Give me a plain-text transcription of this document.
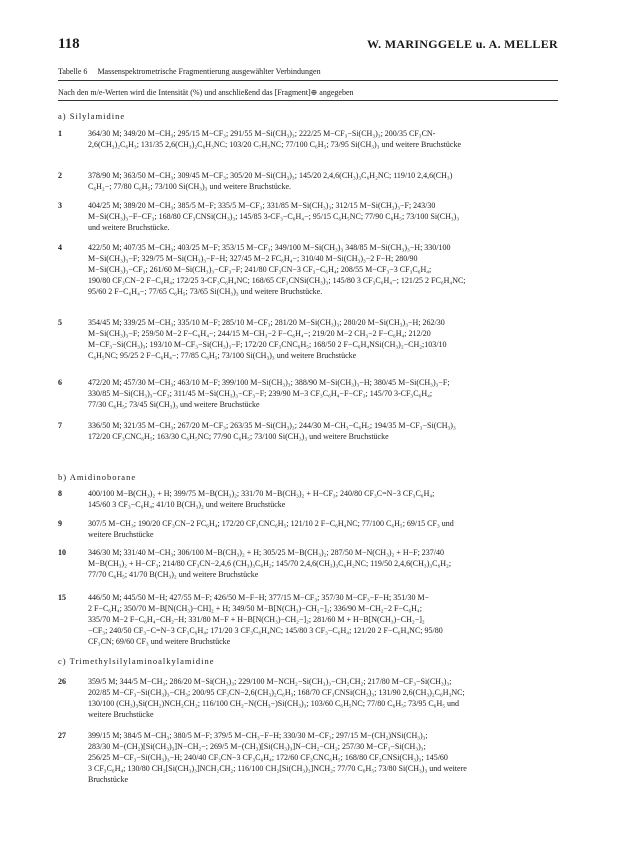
118	W. MARINGGELE u. A. MELLER
Tabelle 6 Massenspektrometrische Fragmentierung ausgewählter Verbindungen
Nach den m/e-Werten wird die Intensität (%) und anschließend das [Fragment]⊕ angegeben
a) Silylamidine
1	364/30 M; 349/20 M−CH₃; 295/15 M−CF₃; 291/55 M−Si(CH₃)₃; 222/25 M−CF₃−Si(CH₃)₃; 200/35 CF₃CN-
2,6(CH₃)₂C₆H₃; 131/35 2,6(CH₃)₂C₆H₃NC; 103/20 C₇H₅NC; 77/100 C₆H₅; 73/95 Si(CH₃)₃ und weitere Bruchstücke
2	378/90 M; 363/50 M−CH₃; 309/45 M−CF₃; 305/20 M−Si(CH₃)₃; 145/20 2,4,6(CH₃)₃C₆H₂NC; 119/10 2,4,6(CH₃)
C₆H₂−; 77/80 C₆H₅; 73/100 Si(CH₃)₃ und weitere Bruchstücke.
3	404/25 M; 389/20 M−CH₃; 385/5 M−F; 335/5 M−CF₃; 331/85 M−Si(CH₃)₃; 312/15 M−Si(CH₃)₃−F; 243/30
M−Si(CH₃)₃−F−CF₃; 168/80 CF₃CNSi(CH₃)₃; 145/85 3-CF₃−C₆H₄−; 95/15 C₆H₅NC; 77/90 C₆H₅; 73/100 Si(CH₃)₃
und weitere Bruchstücke.
4	422/50 M; 407/35 M−CH₃; 403/25 M−F; 353/15 M−CF₃; 349/100 M−Si(CH₃)₃ 348/85 M−Si(CH₃)₃−H; 330/100
M−Si(CH₃)₃−F; 329/75 M−Si(CH₃)₃−F−H; 327/45 M−2 FC₆H₄−; 310/40 M−Si(CH₃)₃−2 F−H; 280/90
M−Si(CH₃)₃−CF₃; 261/60 M−Si(CH₃)₃−CF₃−F; 241/80 CF₃CN−3 CF₃−C₆H₄; 208/55 M−CF₃−3 CF₃C₆H₄;
190/80 CF₃CN−2 F−C₆H₄; 172/25 3-CF₃C₆H₄NC; 168/65 CF₃CNSi(CH₃)₃; 145/80 3 CF₃C₆H₄−; 121/25 2 FC₆H₄NC;
95/60 2 F−C₆H₄−; 77/65 C₆H₅; 73/65 Si(CH₃)₃ und weitere Bruchstücke.
5	354/45 M; 339/25 M−CH₃; 335/10 M−F; 285/10 M−CF₃; 281/20 M−Si(CH₃)₃; 280/20 M−Si(CH₃)₃−H; 262/30
M−Si(CH₃)₃−F; 259/50 M−2 F−C₆H₄−; 244/15 M−CH₃−2 F−C₆H₄−; 219/20 M−2 CH₃−2 F−C₆H₄; 212/20
M−CF₃−Si(CH₃)₃; 193/10 M−CF₃−Si(CH₃)₃−F; 172/20 CF₃CNC₆H₅; 168/50 2 F−C₆H₄NSi(CH₃)₂−CH₂;103/10
C₆H₅NC; 95/25 2 F−C₆H₄−; 77/85 C₆H₅; 73/100 Si(CH₃)₃ und weitere Bruchstücke
6	472/20 M; 457/30 M−CH₃; 463/10 M−F; 399/100 M−Si(CH₃)₃; 388/90 M−Si(CH₃)₃−H; 380/45 M−Si(CH₃)₃−F;
330/85 M−Si(CH₃)₃−CF₃; 311/45 M−Si(CH₃)₃−CF₃−F; 239/90 M−3 CF₃C₆H₄−F−CF₃; 145/70 3-CF₃C₆H₄;
77/30 C₆H₅; 73/45 Si(CH₃)₃ und weitere Bruchstücke
7	336/50 M; 321/35 M−CH₃; 267/20 M−CF₃; 263/35 M−Si(CH₃)₃; 244/30 M−CH₃−C₆H₅; 194/35 M−CF₃−Si(CH₃)₃
172/20 CF₃CNC₆H₅; 163/30 C₆H₅NC; 77/90 C₆H₅; 73/100 Si(CH₃)₃ und weitere Bruchstücke
b) Amidinoborane
8	400/100 M−B(CH₃)₂ + H; 399/75 M−B(CH₃)₂; 331/70 M−B(CH₃)₂ + H−CF₃; 240/80 CF₃C=N−3 CF₃C₆H₄;
145/60 3 CF₃−C₆H₄; 41/10 B(CH₃)₂ und weitere Bruchstücke
9	307/5 M−CH₃; 190/20 CF₃CN−2 FC₆H₄; 172/20 CF₃CNC₆H₅; 121/10 2 F−C₆H₄NC; 77/100 C₆H₅; 69/15 CF₃ und
weitere Bruchstücke
10	346/30 M; 331/40 M−CH₃; 306/100 M−B(CH₃)₂ + H; 305/25 M−B(CH₃)₂; 287/50 M−N(CH₃)₂ + H−F; 237/40
M−B(CH₃)₂ + H−CF₃; 214/80 CF₃CN−2,4,6 (CH₃)₃C₆H₂; 145/70 2,4,6(CH₃)₃C₆H₂NC; 119/50 2,4,6(CH₃)₃C₆H₂;
77/70 C₆H₅; 41/70 B(CH₃)₂ und weitere Bruchstücke
15	446/50 M; 445/50 M−H; 427/55 M−F; 426/50 M−F−H; 377/15 M−CF₃; 357/30 M−CF₃−F−H; 351/30 M−
2 F−C₆H₄; 350/70 M−B[N(CH₃)−CH]₂ + H; 349/50 M−B[N(CH₃)−CH₂−]₂; 336/90 M−CH₂−2 F−C₆H₄;
335/70 M−2 F−C₆H₄−CH₂−H; 331/80 M−F + H−B[N(CH₃)−CH₂−]₂; 281/60 M + H−B[N(CH₃)−CH₂−]₂
−CF₃; 240/50 CF₃−C=N−3 CF₃C₆H₄; 171/20 3 CF₃C₆H₄NC; 145/80 3 CF₃−C₆H₄; 121/20 2 F−C₆H₄NC; 95/80
CF₃CN; 69/60 CF₃ und weitere Bruchstücke
c) Trimethylsilylaminoalkylamidine
26	359/5 M; 344/5 M−CH₃; 286/20 M−Si(CH₃)₃; 229/100 M−NCH₂−Si(CH₃)₃−CH₂CH₂; 217/80 M−CF₃−Si(CH₃)₃;
202/85 M−CF₃−Si(CH₃)₃−CH₃; 200/95 CF₃CN−2,6(CH₃)₂C₆H₃; 168/70 CF₃CNSi(CH₃)₃; 131/90 2,6(CH₃)₂C₆H₃NC;
130/100 (CH₃)₃Si(CH₂)NCH₂CH₂; 116/100 CH₂−N(CH₃−)Si(CH₃)₃; 103/60 C₆H₅NC; 77/80 C₆H₅; 73/95 C₆H₅ und
weitere Bruchstücke
27	399/15 M; 384/5 M−CH₃; 380/5 M−F; 379/5 M−CH₃−F−H; 330/30 M−CF₃; 297/15 M−(CH₂)NSi(CH₃)₃;
283/30 M−(CH₂)[Si(CH₃)₃]N−CH₂−; 269/5 M−(CH₃)[Si(CH₃)₃]N−CH₂−CH₂; 257/30 M−CF₃−Si(CH₃)₃;
256/25 M−CF₃−Si(CH₃)₃−H; 240/40 CF₃CN−3 CF₃C₆H₄; 172/60 CF₃CNC₆H₅; 168/80 CF₃CNSi(CH₃)₃; 145/60
3 CF₃C₆H₄; 130/80 CH₂[Si(CH₃)₃]NCH₂CH₂; 116/100 CH₂[Si(CH₃)₃]NCH₂; 77/70 C₆H₅; 73/80 Si(CH₃)₃ und weitere
Bruchstücke
